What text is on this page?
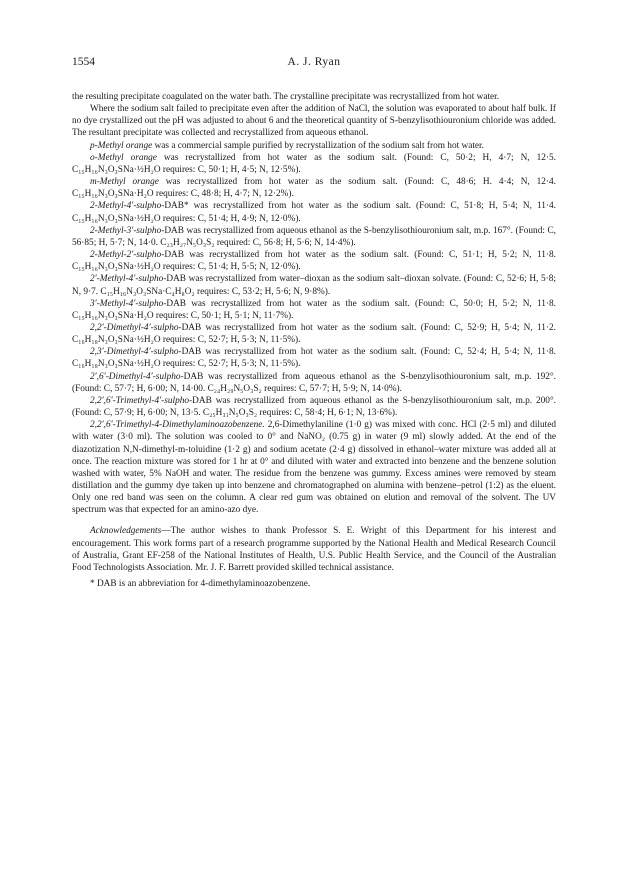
1554	A. J. Ryan

the resulting precipitate coagulated on the water bath. The crystalline precipitate was recrystallized from hot water.

Where the sodium salt failed to precipitate even after the addition of NaCl, the solution was evaporated to about half bulk. If no dye crystallized out the pH was adjusted to about 6 and the theoretical quantity of S-benzylisothiouronium chloride was added. The resultant precipitate was collected and recrystallized from aqueous ethanol.

p-Methyl orange was a commercial sample purified by recrystallization of the sodium salt from hot water.

o-Methyl orange was recrystallized from hot water as the sodium salt. (Found: C, 50·2; H, 4·7; N, 12·5. C₁₅H₁₆N₃O₃SNa·½H₂O requires: C, 50·1; H, 4·5; N, 12·5%).

m-Methyl orange was recrystallized from hot water as the sodium salt. (Found: C, 48·6; H. 4·4; N, 12·4. C₁₅H₁₆N₃O₃SNa·H₂O requires: C, 48·8; H, 4·7; N, 12·2%).

2-Methyl-4′-sulpho-DAB* was recrystallized from hot water as the sodium salt. (Found: C, 51·8; H, 5·4; N, 11·4. C₁₅H₁₆N₃O₃SNa·½H₂O requires: C, 51·4; H, 4·9; N, 12·0%).

2-Methyl-3′-sulpho-DAB was recrystallized from aqueous ethanol as the S-benzylisothiouronium salt, m.p. 167°. (Found: C, 56·85; H, 5·7; N, 14·0. C₂₃H₂₇N₅O₃S₂ required: C, 56·8; H, 5·6; N, 14·4%).

2-Methyl-2′-sulpho-DAB was recrystallized from hot water as the sodium salt. (Found: C, 51·1; H, 5·2; N, 11·8. C₁₅H₁₆N₃O₃SNa·½H₂O requires: C, 51·4; H, 5·5; N, 12·0%).

2′-Methyl-4′-sulpho-DAB was recrystallized from water–dioxan as the sodium salt–dioxan solvate. (Found: C, 52·6; H, 5·8; N, 9·7. C₁₅H₁₆N₃O₃SNa·C₄H₈O₂ requires: C, 53·2; H, 5·6; N, 9·8%).

3′-Methyl-4′-sulpho-DAB was recrystallized from hot water as the sodium salt. (Found: C, 50·0; H, 5·2; N, 11·8. C₁₅H₁₆N₃O₃SNa·H₂O requires: C, 50·1; H, 5·1; N, 11·7%).

2,2′-Dimethyl-4′-sulpho-DAB was recrystallized from hot water as the sodium salt. (Found: C, 52·9; H, 5·4; N, 11·2. C₁₆H₁₈N₃O₃SNa·½H₂O requires: C, 52·7; H, 5·3; N, 11·5%).

2,3′-Dimethyl-4′-sulpho-DAB was recrystallized from hot water as the sodium salt. (Found: C, 52·4; H, 5·4; N, 11·8. C₁₆H₁₈N₃O₃SNa·½H₂O requires: C, 52·7; H, 5·3; N, 11·5%).

2′,6′-Dimethyl-4′-sulpho-DAB was recrystallized from aqueous ethanol as the S-benzylisothiouronium salt, m.p. 192°. (Found: C, 57·7; H, 6·00; N, 14·00. C₂₄H₂₉N₅O₃S₂ requires: C, 57·7; H, 5·9; N, 14·0%).

2,2′,6′-Trimethyl-4′-sulpho-DAB was recrystallized from aqueous ethanol as the S-benzylisothiouronium salt, m.p. 200°. (Found: C, 57·9; H, 6·00; N, 13·5. C₂₅H₃₁N₅O₃S₂ requires: C, 58·4; H, 6·1; N, 13·6%).

2,2′,6′-Trimethyl-4-Dimethylaminoazobenzene. 2,6-Dimethylaniline (1·0 g) was mixed with conc. HCl (2·5 ml) and diluted with water (3·0 ml). The solution was cooled to 0° and NaNO₂ (0.75 g) in water (9 ml) slowly added. At the end of the diazotization N,N-dimethyl-m-toluidine (1·2 g) and sodium acetate (2·4 g) dissolved in ethanol–water mixture was added all at once. The reaction mixture was stored for 1 hr at 0° and diluted with water and extracted into benzene and the benzene solution washed with water, 5% NaOH and water. The residue from the benzene was gummy. Excess amines were removed by steam distillation and the gummy dye taken up into benzene and chromatographed on alumina with benzene–petrol (1:2) as the eluent. Only one red band was seen on the column. A clear red gum was obtained on elution and removal of the solvent. The UV spectrum was that expected for an amino-azo dye.

Acknowledgements—The author wishes to thank Professor S. E. Wright of this Department for his interest and encouragement. This work forms part of a research programme supported by the National Health and Medical Research Council of Australia, Grant EF-258 of the National Institutes of Health, U.S. Public Health Service, and the Council of the Australian Food Technologists Association. Mr. J. F. Barrett provided skilled technical assistance.

* DAB is an abbreviation for 4-dimethylaminoazobenzene.
